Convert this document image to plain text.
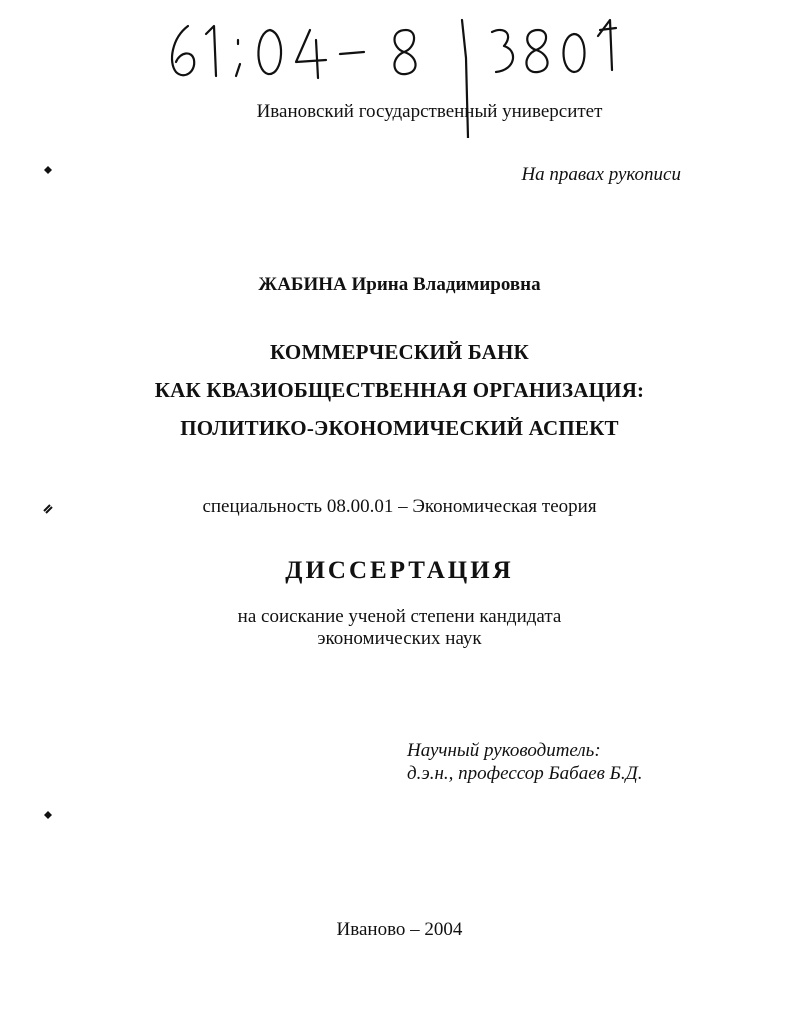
Ивановский государственный университет
На правах рукописи
ЖАБИНА Ирина Владимировна
КОММЕРЧЕСКИЙ БАНК
КАК КВАЗИОБЩЕСТВЕННАЯ ОРГАНИЗАЦИЯ:
ПОЛИТИКО-ЭКОНОМИЧЕСКИЙ АСПЕКТ
специальность 08.00.01 – Экономическая теория
ДИССЕРТАЦИЯ
на соискание ученой степени кандидата
экономических наук
Научный руководитель:
д.э.н., профессор Бабаев Б.Д.
Иваново – 2004
